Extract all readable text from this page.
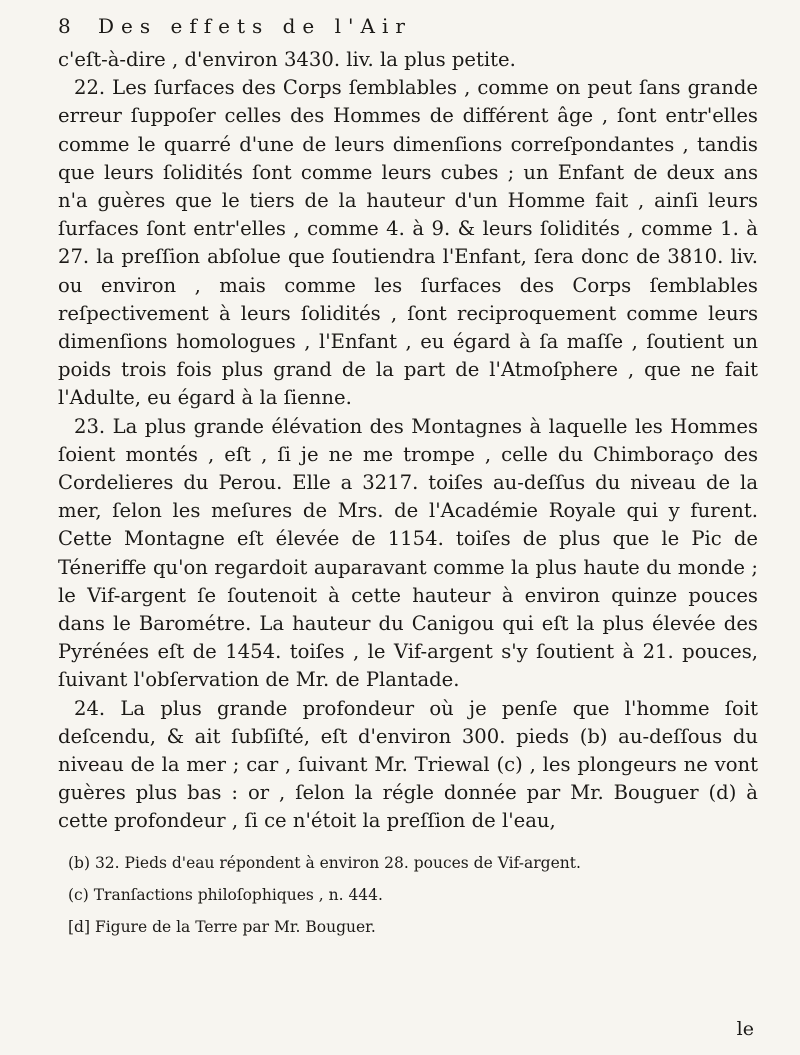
8	Des effets de l'Air

c'eſt-à-dire , d'environ 3430. liv. la plus petite.

22. Les ſurfaces des Corps ſemblables , comme on peut ſans grande erreur ſuppoſer celles des Hommes de différent âge , ſont entr'elles comme le quarré d'une de leurs dimenſions correſpondantes , tandis que leurs ſolidités ſont comme leurs cubes ; un Enfant de deux ans n'a guères que le tiers de la hauteur d'un Homme fait , ainſi leurs ſurfaces ſont entr'elles , comme 4. à 9. & leurs ſolidités , comme 1. à 27. la preſſion abſolue que ſoutiendra l'Enfant, ſera donc de 3810. liv. ou environ , mais comme les ſurfaces des Corps ſemblables reſpectivement à leurs ſolidités , ſont reciproquement comme leurs dimenſions homologues , l'Enfant , eu égard à ſa maſſe , ſoutient un poids trois fois plus grand de la part de l'Atmoſphere , que ne fait l'Adulte, eu égard à la ſienne.

23. La plus grande élévation des Montagnes à laquelle les Hommes ſoient montés , eſt , ſi je ne me trompe , celle du Chimboraço des Cordelieres du Perou. Elle a 3217. toiſes au-deſſus du niveau de la mer, ſelon les meſures de Mrs. de l'Académie Royale qui y furent. Cette Montagne eſt élevée de 1154. toiſes de plus que le Pic de Téneriffe qu'on regardoit auparavant comme la plus haute du monde ; le Vif-argent ſe ſoutenoit à cette hauteur à environ quinze pouces dans le Barométre. La hauteur du Canigou qui eſt la plus élevée des Pyrénées eſt de 1454. toiſes , le Vif-argent s'y ſoutient à 21. pouces, ſuivant l'obſervation de Mr. de Plantade.

24. La plus grande profondeur où je penſe que l'homme ſoit deſcendu, & ait ſubſiſté, eſt d'environ 300. pieds (b) au-deſſous du niveau de la mer ; car , ſuivant Mr. Triewal (c) , les plongeurs ne vont guères plus bas : or , ſelon la régle donnée par Mr. Bouguer (d) à cette profondeur , ſi ce n'étoit la preſſion de l'eau,

(b) 32. Pieds d'eau répondent à environ 28. pouces de Vif-argent.

(c) Tranſactions philoſophiques , n. 444.

[d] Figure de la Terre par Mr. Bouguer.

le
